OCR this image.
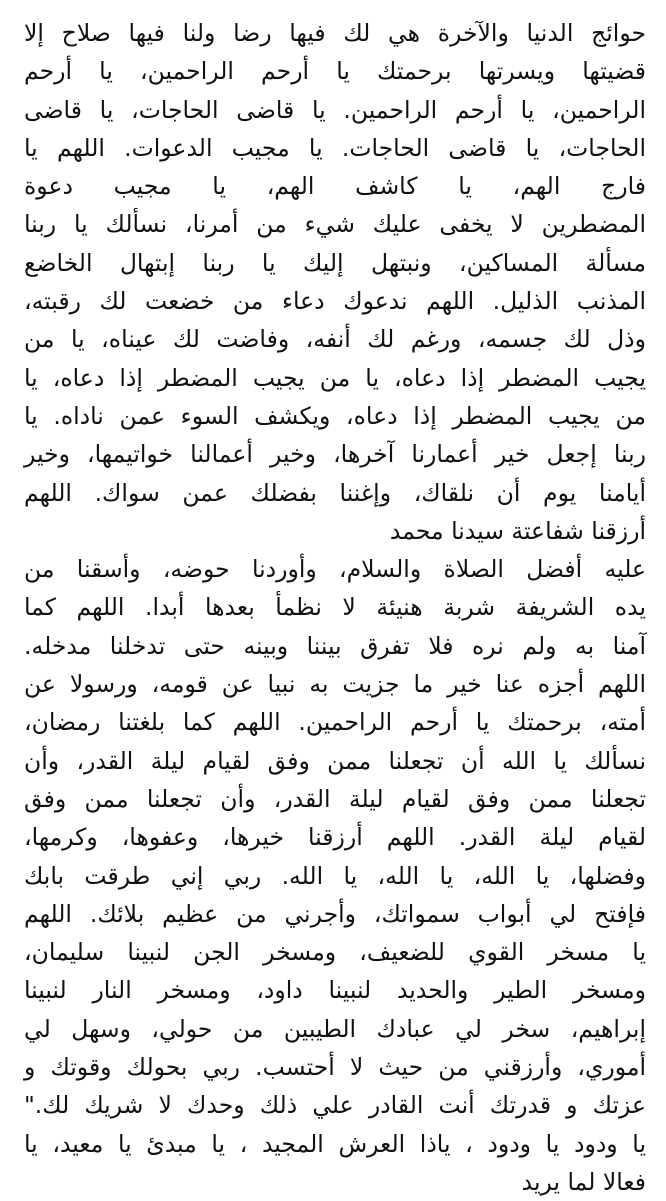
حوائج الدنيا والآخرة هي لك فيها رضا ولنا فيها صلاح إلا
قضيتها ويسرتها برحمتك يا أرحم الراحمين، يا أرحم
الراحمين، يا أرحم الراحمين. يا قاضى الحاجات، يا قاضى
الحاجات، يا قاضى الحاجات. يا مجيب الدعوات. اللهم يا
فارج الهم، يا كاشف الهم، يا مجيب دعوة
المضطرين لا يخفى عليك شيء من أمرنا، نسألك يا ربنا
مسألة المساكين، ونبتهل إليك يا ربنا إبتهال الخاضع
المذنب الذليل. اللهم ندعوك دعاء من خضعت لك رقبته،
وذل لك جسمه، ورغم لك أنفه، وفاضت لك عيناه، يا من
يجيب المضطر إذا دعاه، يا من يجيب المضطر إذا دعاه، يا
من يجيب المضطر إذا دعاه، ويكشف السوء عمن ناداه. يا
ربنا إجعل خير أعمارنا آخرها، وخير أعمالنا خواتيمها، وخير
أيامنا يوم أن نلقاك، وإغننا بفضلك عمن سواك. اللهم
أرزقنا شفاعتة سيدنا محمد
عليه أفضل الصلاة والسلام، وأوردنا حوضه، وأسقنا من
يده الشريفة شربة هنيئة لا نظمأ بعدها أبدا. اللهم كما
آمنا به ولم نره فلا تفرق بيننا وبينه حتى تدخلنا مدخله.
اللهم أجزه عنا خير ما جزيت به نبيا عن قومه، ورسولا عن
أمته، برحمتك يا أرحم الراحمين. اللهم كما بلغتنا رمضان،
نسألك يا الله أن تجعلنا ممن وفق لقيام ليلة القدر، وأن
تجعلنا ممن وفق لقيام ليلة القدر، وأن تجعلنا ممن وفق
لقيام ليلة القدر. اللهم أرزقنا خيرها، وعفوها، وكرمها،
وفضلها، يا الله، يا الله، يا الله. ربي إني طرقت بابك
فإفتح لي أبواب سمواتك، وأجرني من عظيم بلائك. اللهم
يا مسخر القوي للضعيف، ومسخر الجن لنبينا سليمان،
ومسخر الطير والحديد لنبينا داود، ومسخر النار لنبينا
إبراهيم، سخر لي عبادك الطيبين من حولي، وسهل لي
أموري، وأرزقني من حيث لا أحتسب. ربي بحولك وقوتك و
عزتك و قدرتك أنت القادر علي ذلك وحدك لا شريك لك."
يا ودود يا ودود ، ياذا العرش المجيد ، يا مبدئ يا معيد، يا
فعالا لما يريد
